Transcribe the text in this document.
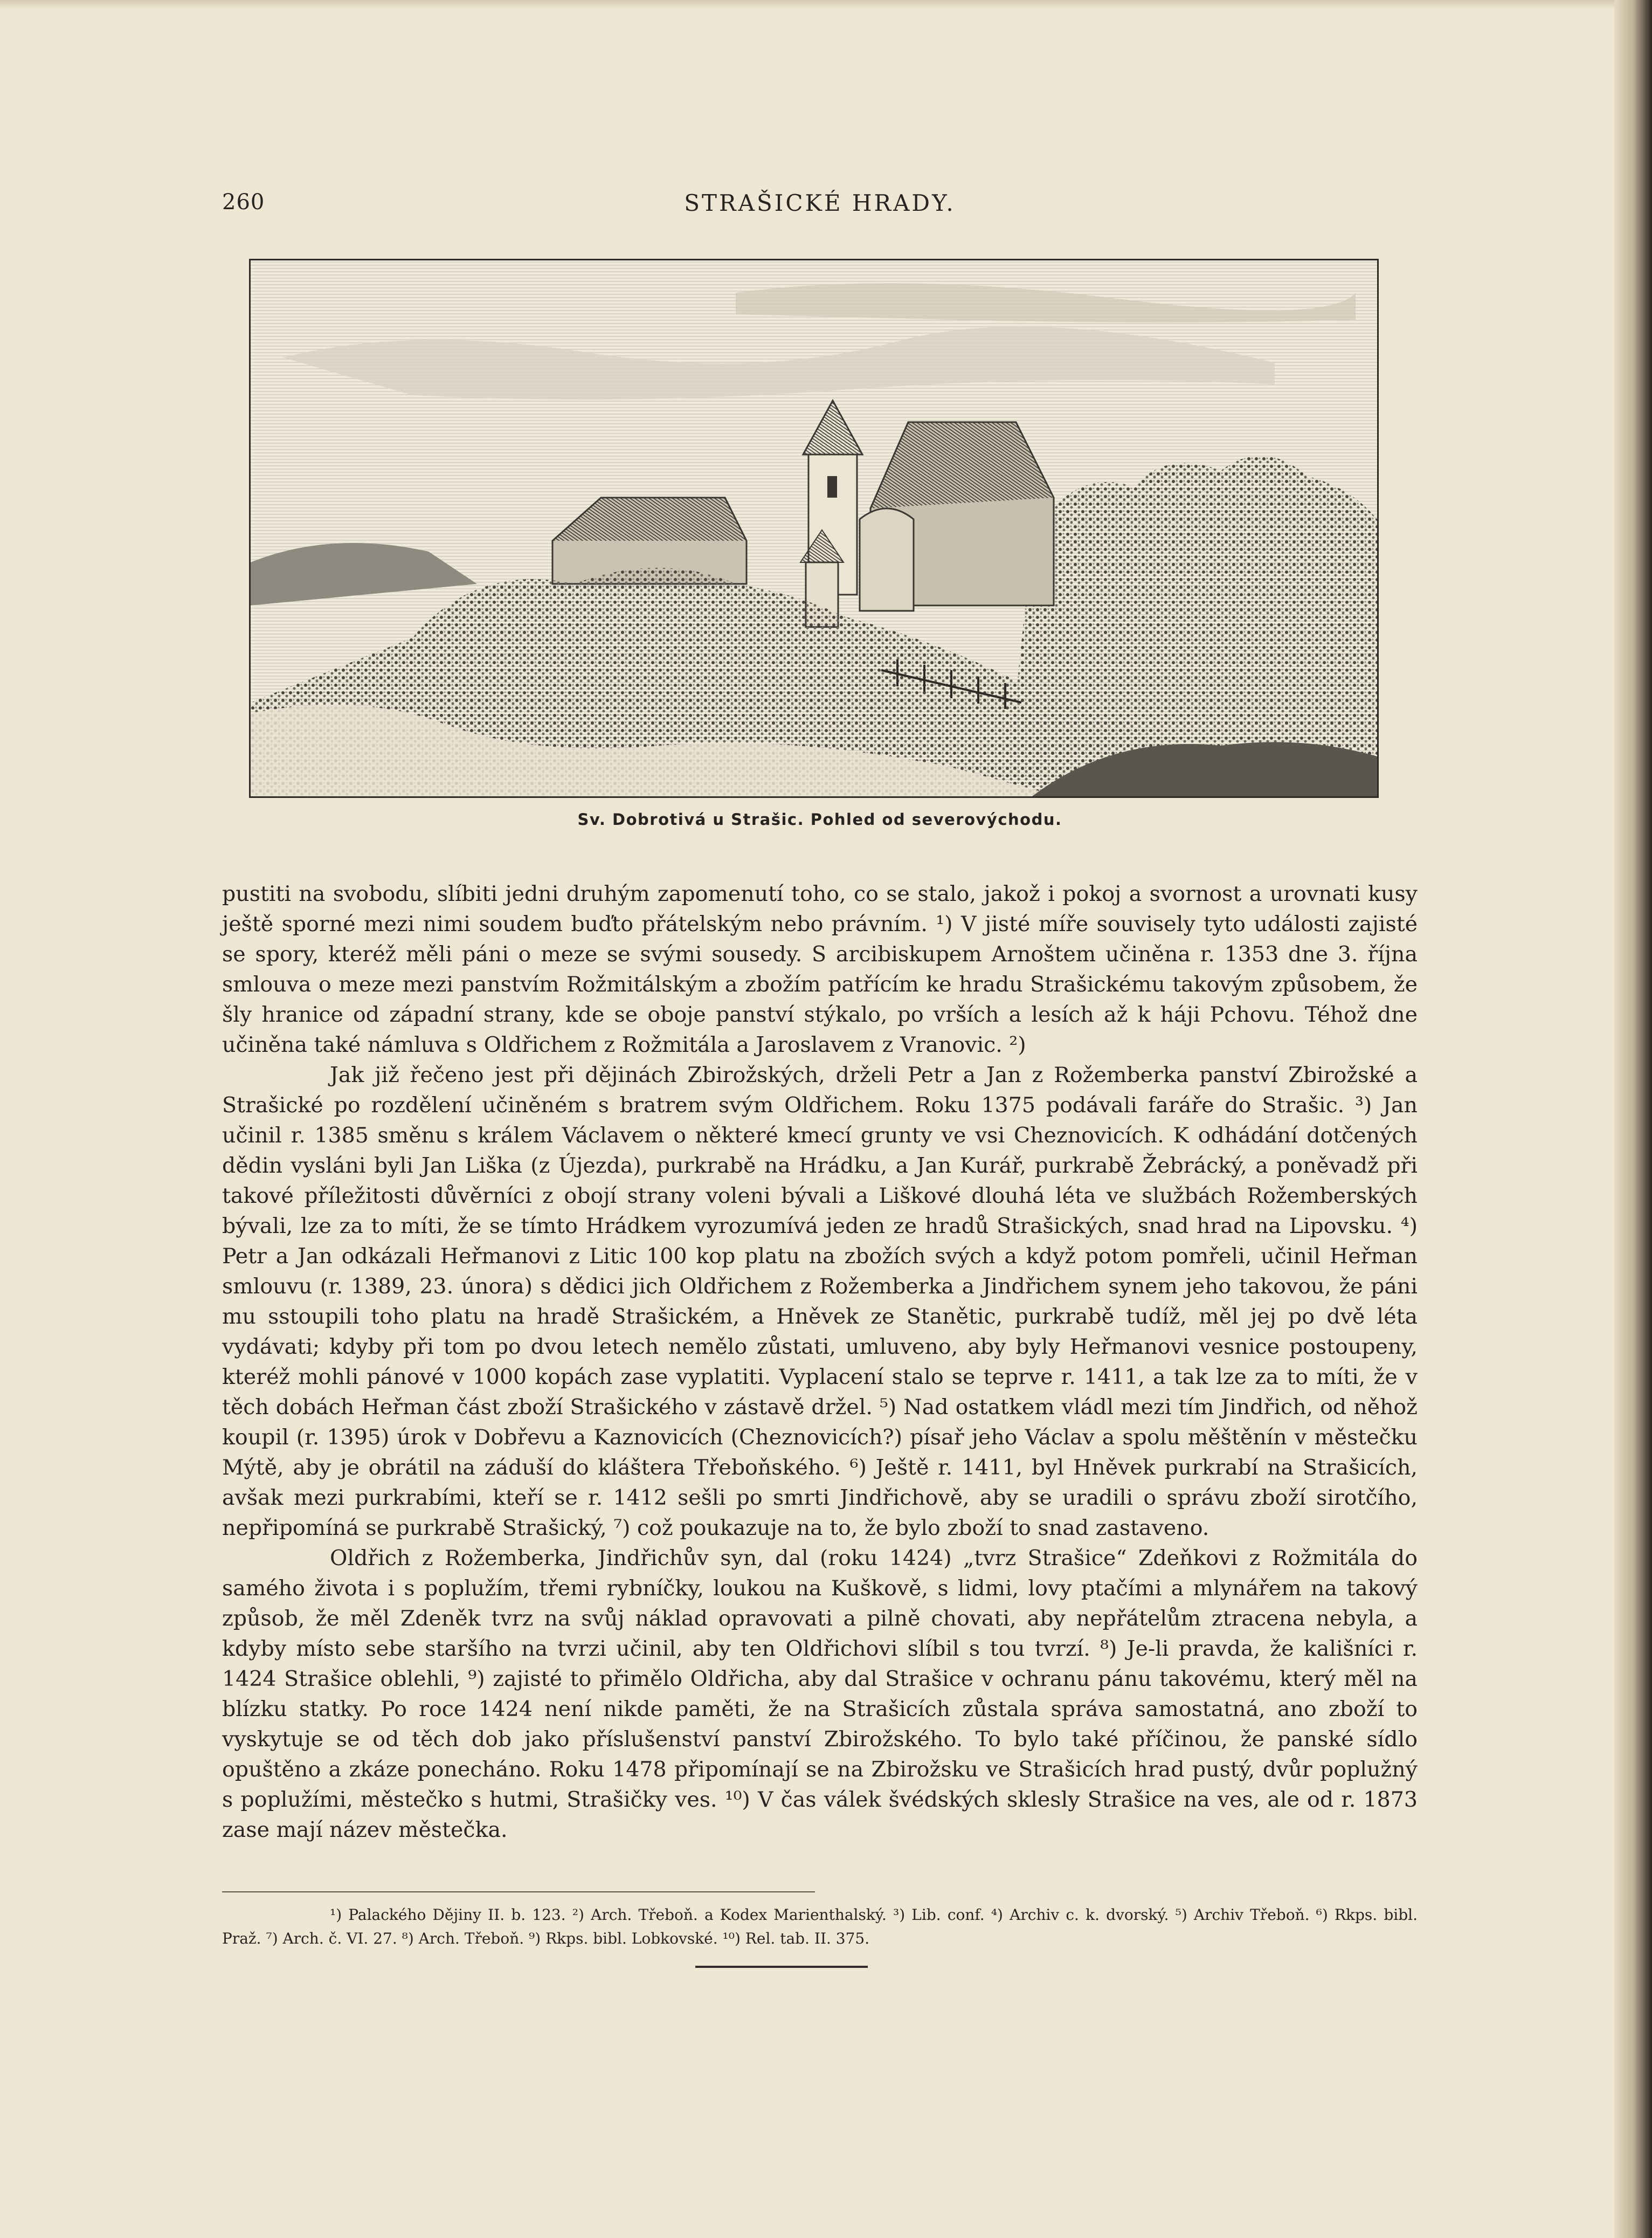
260	STRAŠICKÉ HRADY.
Sv. Dobrotivá u Strašic. Pohled od severovýchodu.

pustiti na svobodu, slíbiti jedni druhým zapomenutí toho, co se stalo, jakož i pokoj a svornost a urovnati kusy ještě sporné mezi nimi soudem buďto přátelským nebo právním. ¹) V jisté míře souvisely tyto události zajisté se spory, kteréž měli páni o meze se svými sousedy. S arcibiskupem Arnoštem učiněna r. 1353 dne 3. října smlouva o meze mezi panstvím Rožmitálským a zbožím patřícím ke hradu Strašickému takovým způsobem, že šly hranice od západní strany, kde se oboje panství stýkalo, po vrších a lesích až k háji Pchovu. Téhož dne učiněna také námluva s Oldřichem z Rožmitála a Jaroslavem z Vranovic. ²)

Jak již řečeno jest při dějinách Zbirožských, drželi Petr a Jan z Rožemberka panství Zbirožské a Strašické po rozdělení učiněném s bratrem svým Oldřichem. Roku 1375 podávali faráře do Strašic. ³) Jan učinil r. 1385 směnu s králem Václavem o některé kmecí grunty ve vsi Cheznovicích. K odhádání dotčených dědin vysláni byli Jan Liška (z Újezda), purkrabě na Hrádku, a Jan Kurář, purkrabě Žebrácký, a poněvadž při takové příležitosti důvěrníci z obojí strany voleni bývali a Liškové dlouhá léta ve službách Rožemberských bývali, lze za to míti, že se tímto Hrádkem vyrozumívá jeden ze hradů Strašických, snad hrad na Lipovsku. ⁴) Petr a Jan odkázali Heřmanovi z Litic 100 kop platu na zbožích svých a když potom pomřeli, učinil Heřman smlouvu (r. 1389, 23. února) s dědici jich Oldřichem z Rožemberka a Jindřichem synem jeho takovou, že páni mu sstoupili toho platu na hradě Strašickém, a Hněvek ze Stanětic, purkrabě tudíž, měl jej po dvě léta vydávati; kdyby při tom po dvou letech nemělo zůstati, umluveno, aby byly Heřmanovi vesnice postoupeny, kteréž mohli pánové v 1000 kopách zase vyplatiti. Vyplacení stalo se teprve r. 1411, a tak lze za to míti, že v těch dobách Heřman část zboží Strašického v zástavě držel. ⁵) Nad ostatkem vládl mezi tím Jindřich, od něhož koupil (r. 1395) úrok v Dobřevu a Kaznovicích (Cheznovicích?) písař jeho Václav a spolu měštěnín v městečku Mýtě, aby je obrátil na záduší do kláštera Třeboňského. ⁶) Ještě r. 1411, byl Hněvek purkrabí na Strašicích, avšak mezi purkrabími, kteří se r. 1412 sešli po smrti Jindřichově, aby se uradili o správu zboží sirotčího, nepřipomíná se purkrabě Strašický, ⁷) což poukazuje na to, že bylo zboží to snad zastaveno.

Oldřich z Rožemberka, Jindřichův syn, dal (roku 1424) „tvrz Strašice“ Zdeňkovi z Rožmitála do samého života i s poplužím, třemi rybníčky, loukou na Kuškově, s lidmi, lovy ptačími a mlynářem na takový způsob, že měl Zdeněk tvrz na svůj náklad opravovati a pilně chovati, aby nepřátelům ztracena nebyla, a kdyby místo sebe staršího na tvrzi učinil, aby ten Oldřichovi slíbil s tou tvrzí. ⁸) Je-li pravda, že kališníci r. 1424 Strašice oblehli, ⁹) zajisté to přimělo Oldřicha, aby dal Strašice v ochranu pánu takovému, který měl na blízku statky. Po roce 1424 není nikde paměti, že na Strašicích zůstala správa samostatná, ano zboží to vyskytuje se od těch dob jako příslušenství panství Zbirožského. To bylo také příčinou, že panské sídlo opuštěno a zkáze ponecháno. Roku 1478 připomínají se na Zbirožsku ve Strašicích hrad pustý, dvůr poplužný s poplužími, městečko s hutmi, Strašičky ves. ¹⁰) V čas válek švédských sklesly Strašice na ves, ale od r. 1873 zase mají název městečka.

¹) Palackého Dějiny II. b. 123. ²) Arch. Třeboň. a Kodex Marienthalský. ³) Lib. conf. ⁴) Archiv c. k. dvorský. ⁵) Archiv Třeboň. ⁶) Rkps. bibl. Praž. ⁷) Arch. č. VI. 27. ⁸) Arch. Třeboň. ⁹) Rkps. bibl. Lobkovské. ¹⁰) Rel. tab. II. 375.
